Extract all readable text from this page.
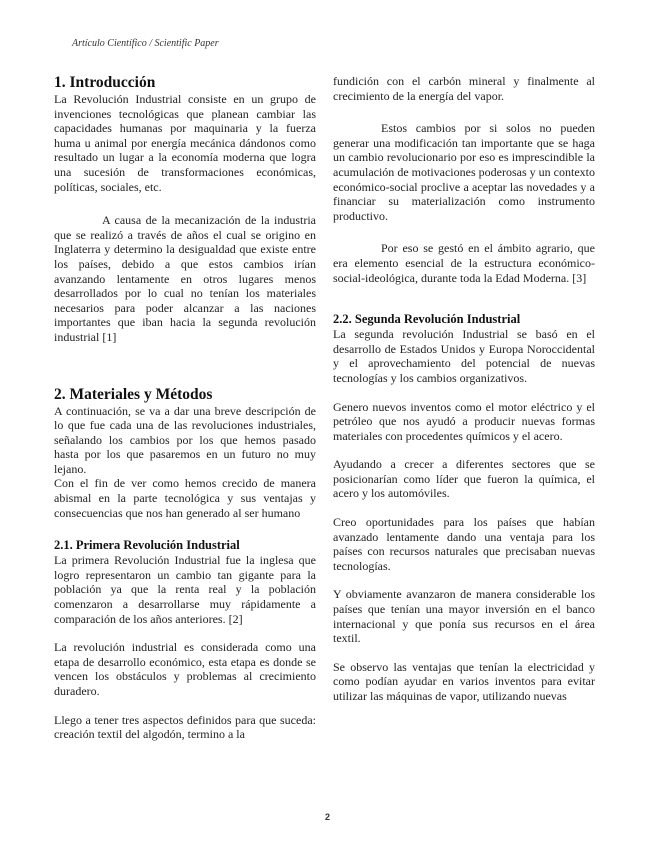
Artículo Científico / Scientific Paper
1. Introducción

La Revolución Industrial consiste en un grupo de invenciones tecnológicas que planean cambiar las capacidades humanas por maquinaria y la fuerza huma u animal por energía mecánica dándonos como resultado un lugar a la economía moderna que logra una sucesión de transformaciones económicas, políticas, sociales, etc.

A causa de la mecanización de la industria que se realizó a través de años el cual se origino en Inglaterra y determino la desigualdad que existe entre los países, debido a que estos cambios irían avanzando lentamente en otros lugares menos desarrollados por lo cual no tenían los materiales necesarios para poder alcanzar a las naciones importantes que iban hacia la segunda revolución industrial [1]

2. Materiales y Métodos

A continuación, se va a dar una breve descripción de lo que fue cada una de las revoluciones industriales, señalando los cambios por los que hemos pasado hasta por los que pasaremos en un futuro no muy lejano.

Con el fin de ver como hemos crecido de manera abismal en la parte tecnológica y sus ventajas y consecuencias que nos han generado al ser humano

2.1. Primera Revolución Industrial

La primera Revolución Industrial fue la inglesa que logro representaron un cambio tan gigante para la población ya que la renta real y la población comenzaron a desarrollarse muy rápidamente a comparación de los años anteriores. [2]

La revolución industrial es considerada como una etapa de desarrollo económico, esta etapa es donde se vencen los obstáculos y problemas al crecimiento duradero.

Llego a tener tres aspectos definidos para que suceda: creación textil del algodón, termino a la

fundición con el carbón mineral y finalmente al crecimiento de la energía del vapor.

Estos cambios por si solos no pueden generar una modificación tan importante que se haga un cambio revolucionario por eso es imprescindible la acumulación de motivaciones poderosas y un contexto económico-social proclive a aceptar las novedades y a financiar su materialización como instrumento productivo.

Por eso se gestó en el ámbito agrario, que era elemento esencial de la estructura económico-social-ideológica, durante toda la Edad Moderna. [3]

2.2. Segunda Revolución Industrial

La segunda revolución Industrial se basó en el desarrollo de Estados Unidos y Europa Noroccidental y el aprovechamiento del potencial de nuevas tecnologías y los cambios organizativos.

Genero nuevos inventos como el motor eléctrico y el petróleo que nos ayudó a producir nuevas formas materiales con procedentes químicos y el acero.

Ayudando a crecer a diferentes sectores que se posicionarían como líder que fueron la química, el acero y los automóviles.

Creo oportunidades para los países que habían avanzado lentamente dando una ventaja para los países con recursos naturales que precisaban nuevas tecnologías.

Y obviamente avanzaron de manera considerable los países que tenían una mayor inversión en el banco internacional y que ponía sus recursos en el área textil.

Se observo las ventajas que tenían la electricidad y como podían ayudar en varios inventos para evitar utilizar las máquinas de vapor, utilizando nuevas

2
